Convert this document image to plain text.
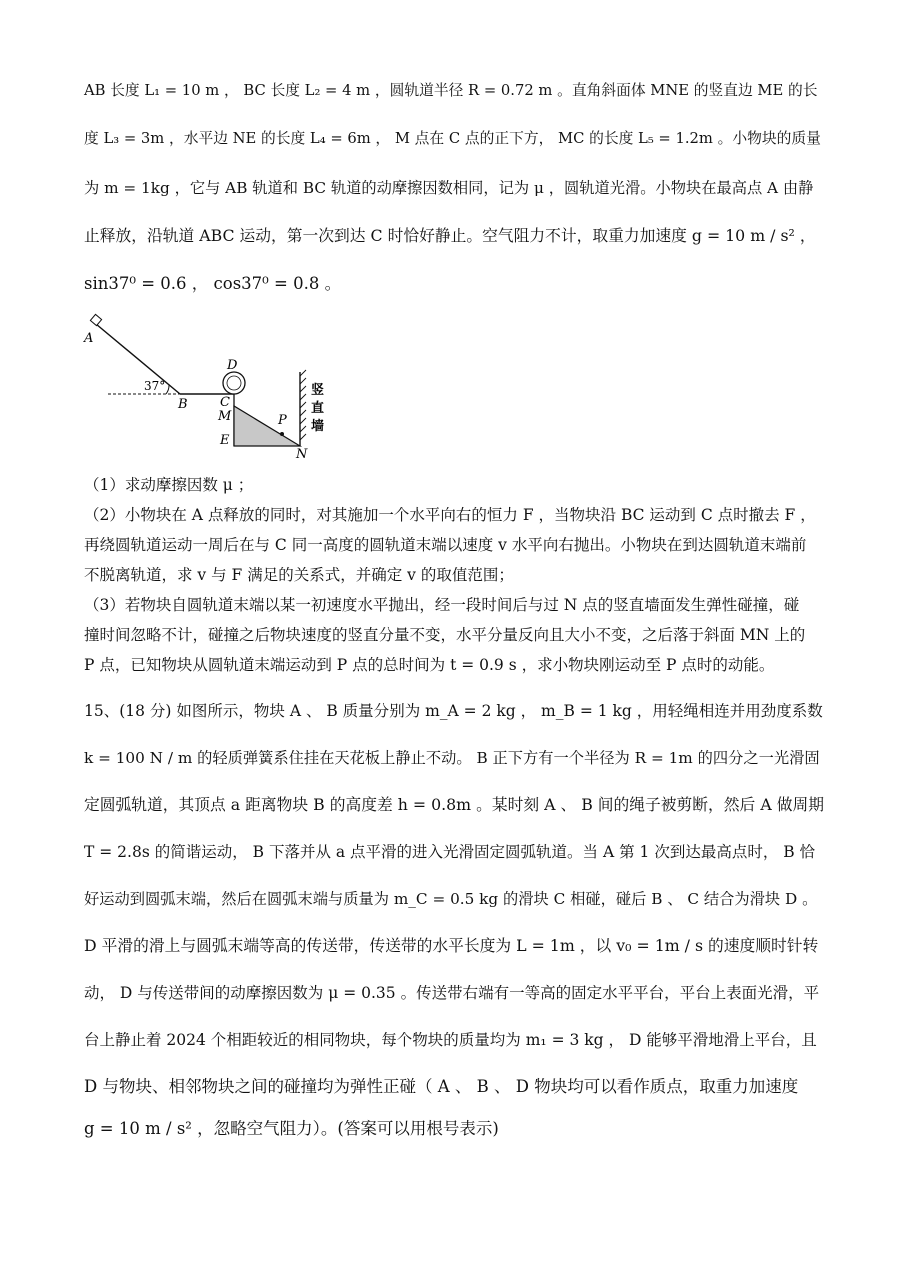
AB 长度 L₁ = 10 m ， BC 长度 L₂ = 4 m ，圆轨道半径 R = 0.72 m 。直角斜面体 MNE 的竖直边 ME 的长
度 L₃ = 3m ，水平边 NE 的长度 L₄ = 6m ， M 点在 C 点的正下方， MC 的长度 L₅ = 1.2m 。小物块的质量
为 m = 1kg ，它与 AB 轨道和 BC 轨道的动摩擦因数相同，记为 μ ，圆轨道光滑。小物块在最高点 A 由静
止释放，沿轨道 ABC 运动，第一次到达 C 时恰好静止。空气阻力不计，取重力加速度 g = 10 m / s² ，
sin37⁰ = 0.6 ， cos37⁰ = 0.8 。
A
37°
B
D
C
M
E
P
N
竖
直
墙
（1）求动摩擦因数 μ ；
（2）小物块在 A 点释放的同时，对其施加一个水平向右的恒力 F ，当物块沿 BC 运动到 C 点时撤去 F ，
再绕圆轨道运动一周后在与 C 同一高度的圆轨道末端以速度 v 水平向右抛出。小物块在到达圆轨道末端前
不脱离轨道，求 v 与 F 满足的关系式，并确定 v 的取值范围；
（3）若物块自圆轨道末端以某一初速度水平抛出，经一段时间后与过 N 点的竖直墙面发生弹性碰撞，碰
撞时间忽略不计，碰撞之后物块速度的竖直分量不变，水平分量反向且大小不变，之后落于斜面 MN 上的
P 点，已知物块从圆轨道末端运动到 P 点的总时间为 t = 0.9 s ，求小物块刚运动至 P 点时的动能。
15、(18 分) 如图所示，物块 A 、 B 质量分别为 m_A = 2 kg ， m_B = 1 kg ，用轻绳相连并用劲度系数
k = 100 N / m 的轻质弹簧系住挂在天花板上静止不动。 B 正下方有一个半径为 R = 1m 的四分之一光滑固
定圆弧轨道，其顶点 a 距离物块 B 的高度差 h = 0.8m 。某时刻 A 、 B 间的绳子被剪断，然后 A 做周期
T = 2.8s 的简谐运动， B 下落并从 a 点平滑的进入光滑固定圆弧轨道。当 A 第 1 次到达最高点时， B 恰
好运动到圆弧末端，然后在圆弧末端与质量为 m_C = 0.5 kg 的滑块 C 相碰，碰后 B 、 C 结合为滑块 D 。
D 平滑的滑上与圆弧末端等高的传送带，传送带的水平长度为 L = 1m ，以 v₀ = 1m / s 的速度顺时针转
动， D 与传送带间的动摩擦因数为 μ = 0.35 。传送带右端有一等高的固定水平平台，平台上表面光滑，平
台上静止着 2024 个相距较近的相同物块，每个物块的质量均为 m₁ = 3 kg ， D 能够平滑地滑上平台，且
D 与物块、相邻物块之间的碰撞均为弹性正碰（ A 、 B 、 D 物块均可以看作质点，取重力加速度
g = 10 m / s² ，忽略空气阻力）。(答案可以用根号表示)
